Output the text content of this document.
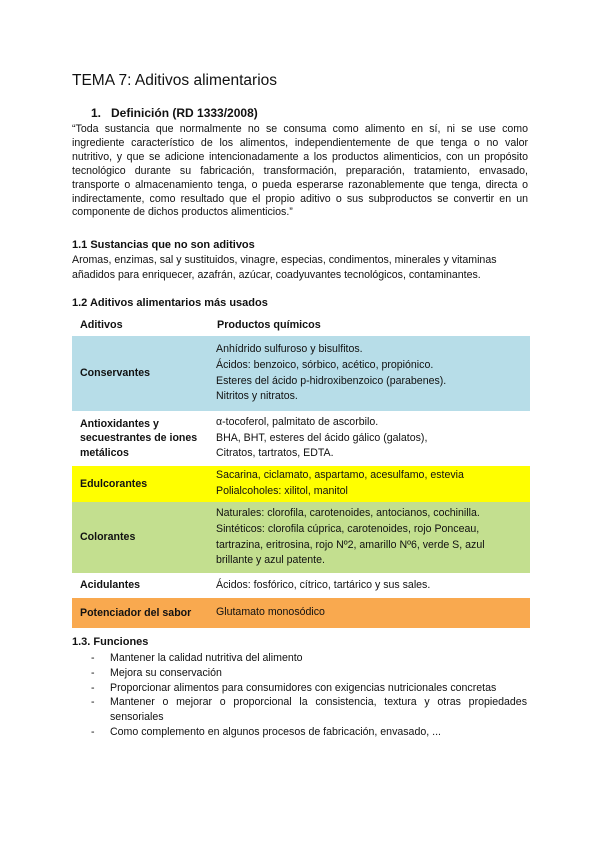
TEMA 7: Aditivos alimentarios
1. Definición (RD 1333/2008)
“Toda sustancia que normalmente no se consuma como alimento en sí, ni se use como ingrediente característico de los alimentos, independientemente de que tenga o no valor nutritivo, y que se adicione intencionadamente a los productos alimenticios, con un propósito tecnológico durante su fabricación, transformación, preparación, tratamiento, envasado, transporte o almacenamiento tenga, o pueda esperarse razonablemente que tenga, directa o indirectamente, como resultado que el propio aditivo o sus subproductos se convertir en un componente de dichos productos alimenticios.”
1.1 Sustancias que no son aditivos
Aromas, enzimas, sal y sustituidos, vinagre, especias, condimentos, minerales y vitaminas añadidos para enriquecer, azafrán, azúcar, coadyuvantes tecnológicos, contaminantes.
1.2 Aditivos alimentarios más usados
Aditivos	Productos químicos
Conservantes	Anhídrido sulfuroso y bisulfitos.
Ácidos: benzoico, sórbico, acético, propiónico.
Esteres del ácido p-hidroxibenzoico (parabenes).
Nitritos y nitratos.

Antioxidantes y secuestrantes de iones metálicos	α-tocoferol, palmitato de ascorbilo.
BHA, BHT, esteres del ácido gálico (galatos),
Citratos, tartratos, EDTA.

Edulcorantes	Sacarina, ciclamato, aspartamo, acesulfamo, estevia
Polialcoholes: xilitol, manitol

Colorantes	Naturales: clorofila, carotenoides, antocianos, cochinilla.
Sintéticos: clorofila cúprica, carotenoides, rojo Ponceau,
tartrazina, eritrosina, rojo Nº2, amarillo Nº6, verde S, azul
brillante y azul patente.

Acidulantes	Ácidos: fosfórico, cítrico, tartárico y sus sales.

Potenciador del sabor	Glutamato monosódico
1.3. Funciones
- Mantener la calidad nutritiva del alimento
- Mejora su conservación
- Proporcionar alimentos para consumidores con exigencias nutricionales concretas
- Mantener o mejorar o proporcional la consistencia, textura y otras propiedades sensoriales
- Como complemento en algunos procesos de fabricación, envasado, ...
